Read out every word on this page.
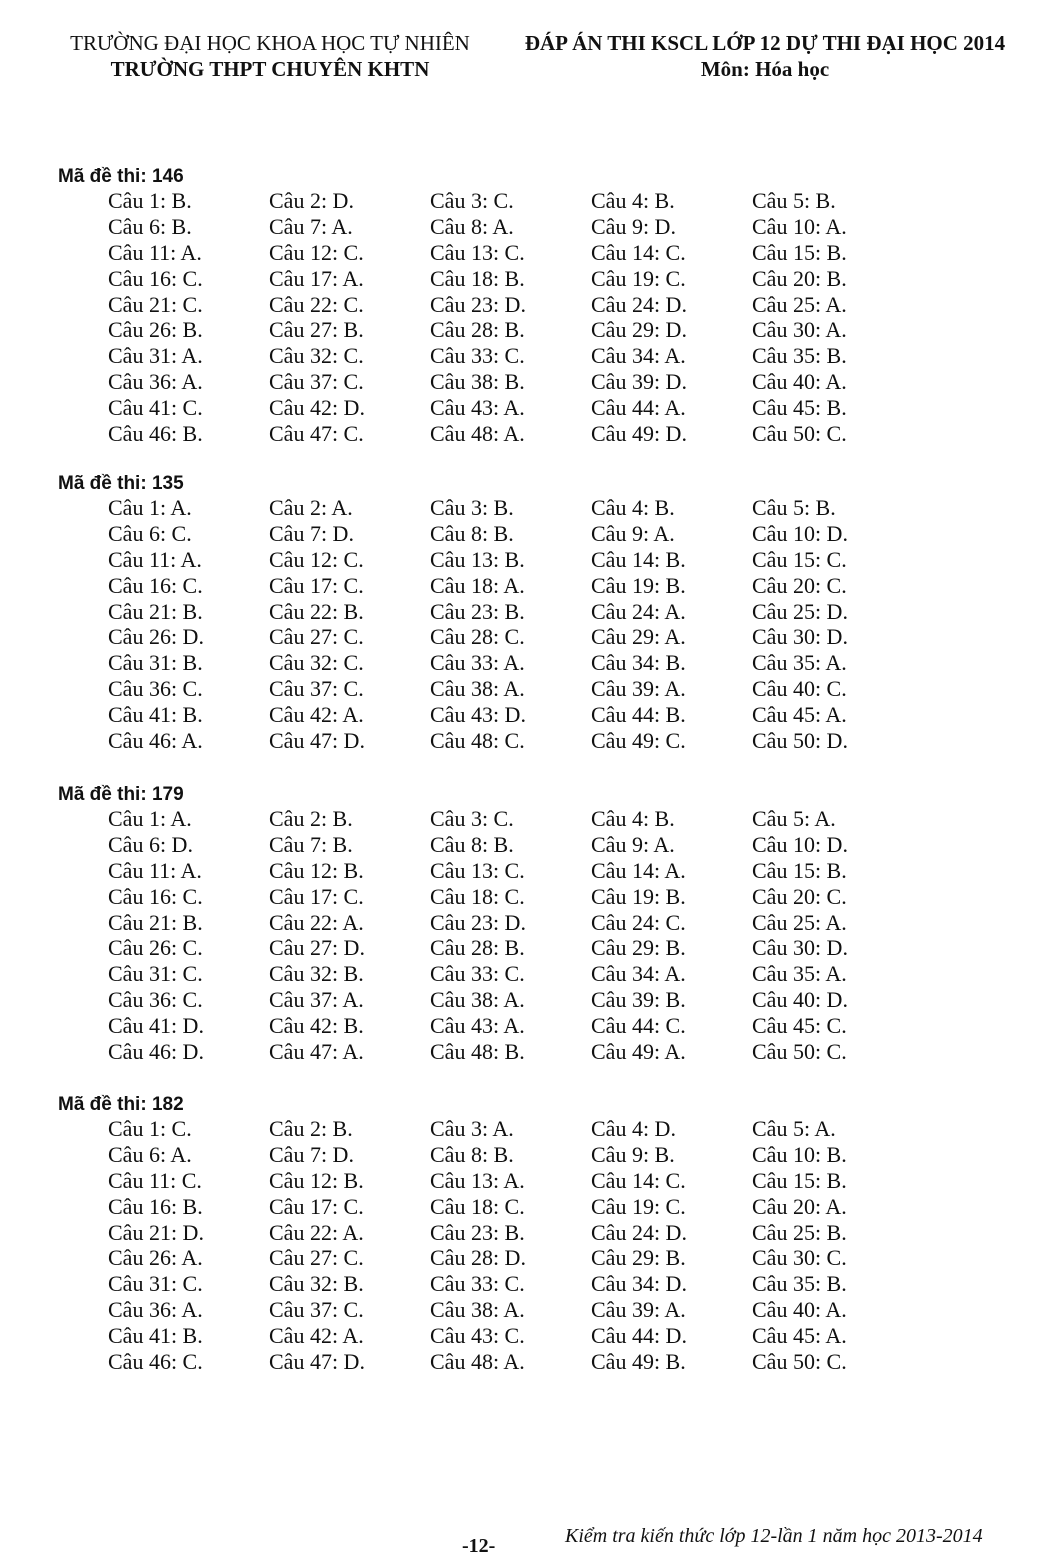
TRƯỜNG ĐẠI HỌC KHOA HỌC TỰ NHIÊN
TRƯỜNG THPT CHUYÊN KHTN
ĐÁP ÁN THI KSCL LỚP 12 DỰ THI ĐẠI HỌC 2014
Môn: Hóa học
Mã đề thi: 146
Câu 1: B.	Câu 2: D.	Câu 3: C.	Câu 4: B.	Câu 5: B.
Câu 6: B.	Câu 7: A.	Câu 8: A.	Câu 9: D.	Câu 10: A.
Câu 11: A.	Câu 12: C.	Câu 13: C.	Câu 14: C.	Câu 15: B.
Câu 16: C.	Câu 17: A.	Câu 18: B.	Câu 19: C.	Câu 20: B.
Câu 21: C.	Câu 22: C.	Câu 23: D.	Câu 24: D.	Câu 25: A.
Câu 26: B.	Câu 27: B.	Câu 28: B.	Câu 29: D.	Câu 30: A.
Câu 31: A.	Câu 32: C.	Câu 33: C.	Câu 34: A.	Câu 35: B.
Câu 36: A.	Câu 37: C.	Câu 38: B.	Câu 39: D.	Câu 40: A.
Câu 41: C.	Câu 42: D.	Câu 43: A.	Câu 44: A.	Câu 45: B.
Câu 46: B.	Câu 47: C.	Câu 48: A.	Câu 49: D.	Câu 50: C.
Mã đề thi: 135
Câu 1: A.	Câu 2: A.	Câu 3: B.	Câu 4: B.	Câu 5: B.
Câu 6: C.	Câu 7: D.	Câu 8: B.	Câu 9: A.	Câu 10: D.
Câu 11: A.	Câu 12: C.	Câu 13: B.	Câu 14: B.	Câu 15: C.
Câu 16: C.	Câu 17: C.	Câu 18: A.	Câu 19: B.	Câu 20: C.
Câu 21: B.	Câu 22: B.	Câu 23: B.	Câu 24: A.	Câu 25: D.
Câu 26: D.	Câu 27: C.	Câu 28: C.	Câu 29: A.	Câu 30: D.
Câu 31: B.	Câu 32: C.	Câu 33: A.	Câu 34: B.	Câu 35: A.
Câu 36: C.	Câu 37: C.	Câu 38: A.	Câu 39: A.	Câu 40: C.
Câu 41: B.	Câu 42: A.	Câu 43: D.	Câu 44: B.	Câu 45: A.
Câu 46: A.	Câu 47: D.	Câu 48: C.	Câu 49: C.	Câu 50: D.
Mã đề thi: 179
Câu 1: A.	Câu 2: B.	Câu 3: C.	Câu 4: B.	Câu 5: A.
Câu 6: D.	Câu 7: B.	Câu 8: B.	Câu 9: A.	Câu 10: D.
Câu 11: A.	Câu 12: B.	Câu 13: C.	Câu 14: A.	Câu 15: B.
Câu 16: C.	Câu 17: C.	Câu 18: C.	Câu 19: B.	Câu 20: C.
Câu 21: B.	Câu 22: A.	Câu 23: D.	Câu 24: C.	Câu 25: A.
Câu 26: C.	Câu 27: D.	Câu 28: B.	Câu 29: B.	Câu 30: D.
Câu 31: C.	Câu 32: B.	Câu 33: C.	Câu 34: A.	Câu 35: A.
Câu 36: C.	Câu 37: A.	Câu 38: A.	Câu 39: B.	Câu 40: D.
Câu 41: D.	Câu 42: B.	Câu 43: A.	Câu 44: C.	Câu 45: C.
Câu 46: D.	Câu 47: A.	Câu 48: B.	Câu 49: A.	Câu 50: C.
Mã đề thi: 182
Câu 1: C.	Câu 2: B.	Câu 3: A.	Câu 4: D.	Câu 5: A.
Câu 6: A.	Câu 7: D.	Câu 8: B.	Câu 9: B.	Câu 10: B.
Câu 11: C.	Câu 12: B.	Câu 13: A.	Câu 14: C.	Câu 15: B.
Câu 16: B.	Câu 17: C.	Câu 18: C.	Câu 19: C.	Câu 20: A.
Câu 21: D.	Câu 22: A.	Câu 23: B.	Câu 24: D.	Câu 25: B.
Câu 26: A.	Câu 27: C.	Câu 28: D.	Câu 29: B.	Câu 30: C.
Câu 31: C.	Câu 32: B.	Câu 33: C.	Câu 34: D.	Câu 35: B.
Câu 36: A.	Câu 37: C.	Câu 38: A.	Câu 39: A.	Câu 40: A.
Câu 41: B.	Câu 42: A.	Câu 43: C.	Câu 44: D.	Câu 45: A.
Câu 46: C.	Câu 47: D.	Câu 48: A.	Câu 49: B.	Câu 50: C.
-12-	Kiểm tra kiến thức lớp 12-lần 1 năm học 2013-2014
